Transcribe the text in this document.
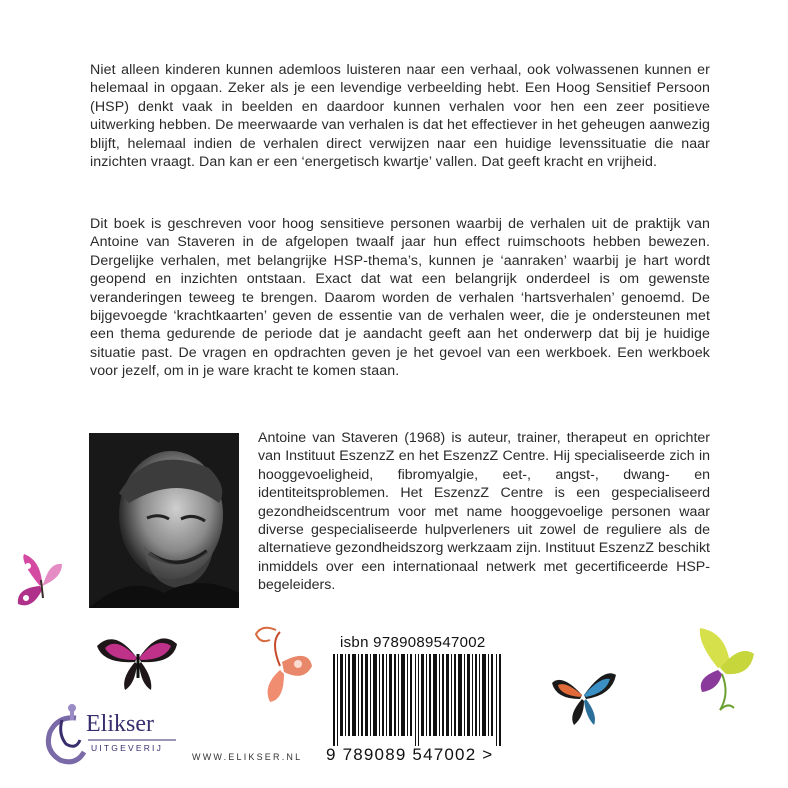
Niet alleen kinderen kunnen ademloos luisteren naar een verhaal, ook volwassenen kunnen er helemaal in opgaan. Zeker als je een levendige verbeelding hebt. Een Hoog Sensitief Persoon (HSP) denkt vaak in beelden en daardoor kunnen verhalen voor hen een zeer positieve uitwerking hebben. De meerwaarde van verhalen is dat het effectiever in het geheugen aanwezig blijft, helemaal indien de verhalen direct verwijzen naar een huidige levenssituatie die naar inzichten vraagt. Dan kan er een ‘energetisch kwartje’ vallen. Dat geeft kracht en vrijheid.

Dit boek is geschreven voor hoog sensitieve personen waarbij de verhalen uit de praktijk van Antoine van Staveren in de afgelopen twaalf jaar hun effect ruimschoots hebben bewezen. Dergelijke verhalen, met belangrijke HSP-thema’s, kunnen je ‘aanraken’ waarbij je hart wordt geopend en inzichten ontstaan. Exact dat wat een belangrijk onderdeel is om gewenste veranderingen teweeg te brengen. Daarom worden de verhalen ‘hartsverhalen’ genoemd. De bijgevoegde ‘krachtkaarten’ geven de essentie van de verhalen weer, die je ondersteunen met een thema gedurende de periode dat je aandacht geeft aan het onderwerp dat bij je huidige situatie past. De vragen en opdrachten geven je het gevoel van een werkboek. Een werkboek voor jezelf, om in je ware kracht te komen staan.

Antoine van Staveren (1968) is auteur, trainer, therapeut en oprichter van Instituut EszenzZ en het EszenzZ Centre. Hij specialiseerde zich in hooggevoeligheid, fibromyalgie, eet-, angst-, dwang- en identiteitsproblemen. Het EszenzZ Centre is een gespecialiseerd gezondheidscentrum voor met name hooggevoelige personen waar diverse gespecialiseerde hulpverleners uit zowel de reguliere als de alternatieve gezondheidszorg werkzaam zijn. Instituut EszenzZ beschikt inmiddels over een internationaal netwerk met gecertificeerde HSP-begeleiders.

isbn 9789089547002
9 789089 547002 >
Elikser
UITGEVERIJ
WWW.ELIKSER.NL
